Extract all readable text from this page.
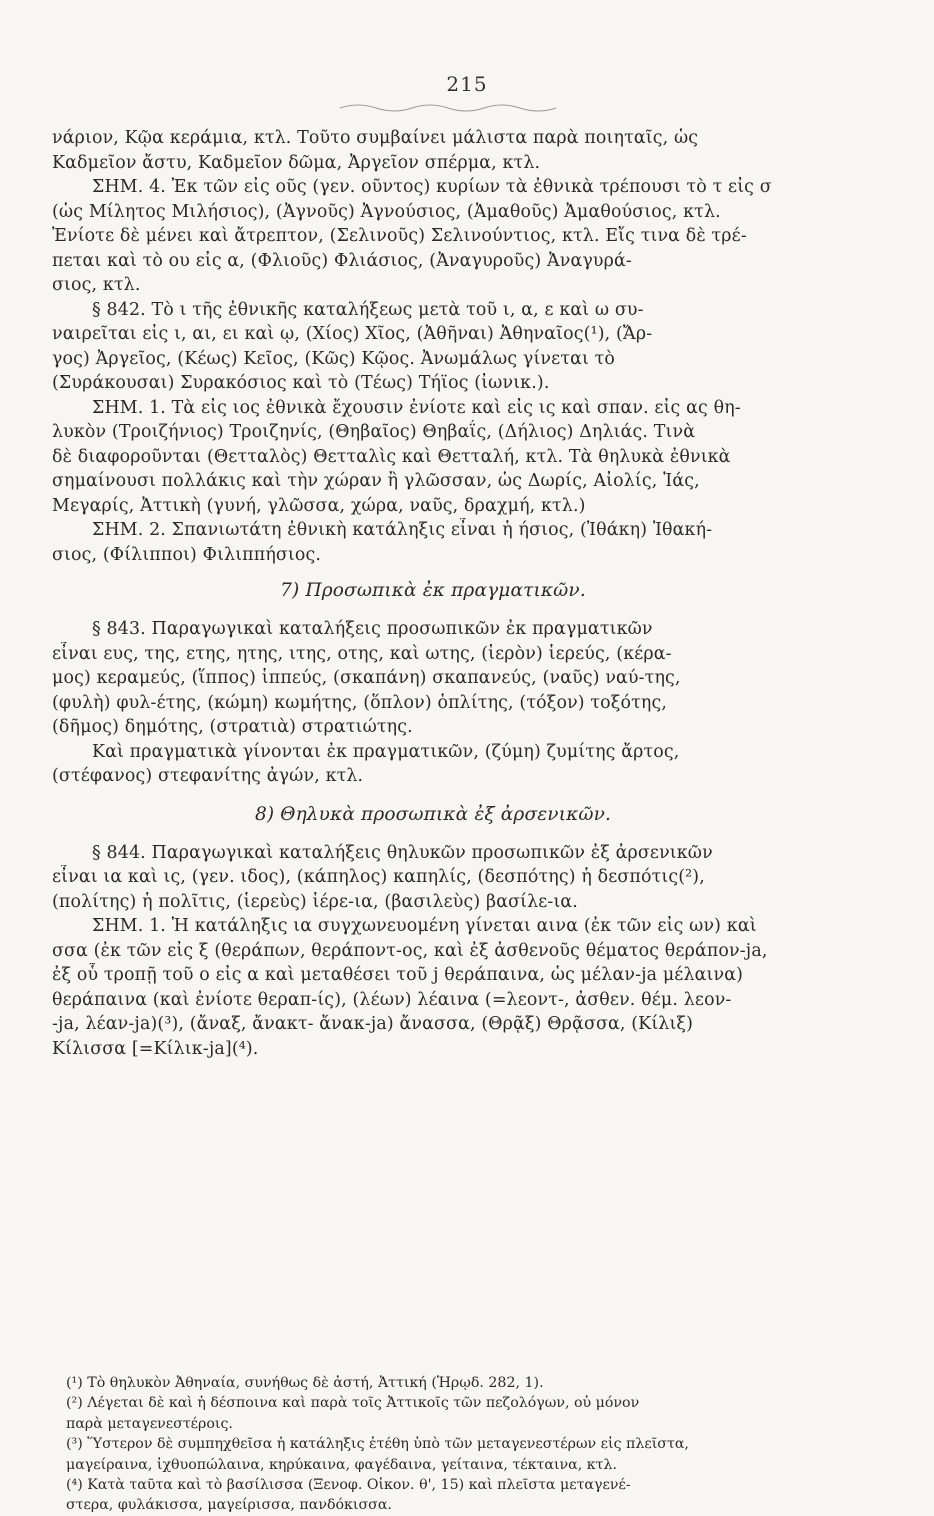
215
νάριον, Κῷα κεράμια, κτλ. Τοῦτο συμβαίνει μάλιστα παρὰ ποιηταῖς, ὡς
Καδμεῖον ἄστυ, Καδμεῖον δῶμα, Ἀργεῖον σπέρμα, κτλ.
ΣΗΜ. 4. Ἐκ τῶν εἰς οῦς (γεν. οῦντος) κυρίων τὰ ἐθνικὰ τρέπουσι τὸ τ εἰς σ
(ὡς Μίλητος Μιλήσιος), (Ἀγνοῦς) Ἀγνούσιος, (Ἀμαθοῦς) Ἀμαθούσιος, κτλ.
Ἐνίοτε δὲ μένει καὶ ἄτρεπτον, (Σελινοῦς) Σελινούντιος, κτλ. Εἴς τινα δὲ τρέ-
πεται καὶ τὸ ου εἰς α, (Φλιοῦς) Φλιάσιος, (Ἀναγυροῦς) Ἀναγυρά-
σιος, κτλ.
§ 842. Τὸ ι τῆς ἐθνικῆς καταλήξεως μετὰ τοῦ ι, α, ε καὶ ω συ-
ναιρεῖται εἰς ι, αι, ει καὶ ῳ, (Χίος) Χῖος, (Ἀθῆναι) Ἀθηναῖος(¹), (Ἄρ-
γος) Ἀργεῖος, (Κέως) Κεῖος, (Κῶς) Κῷος. Ἀνωμάλως γίνεται τὸ
(Συράκουσαι) Συρακόσιος καὶ τὸ (Τέως) Τήϊος (ἰωνικ.).
ΣΗΜ. 1. Τὰ εἰς ιος ἐθνικὰ ἔχουσιν ἐνίοτε καὶ εἰς ις καὶ σπαν. εἰς ας θη-
λυκὸν (Τροιζήνιος) Τροιζηνίς, (Θηβαῖος) Θηβαΐς, (Δήλιος) Δηλιάς. Τινὰ
δὲ διαφοροῦνται (Θετταλὸς) Θετταλὶς καὶ Θετταλή, κτλ. Τὰ θηλυκὰ ἐθνικὰ
σημαίνουσι πολλάκις καὶ τὴν χώραν ἢ γλῶσσαν, ὡς Δωρίς, Αἰολίς, Ἰάς,
Μεγαρίς, Ἀττικὴ (γυνή, γλῶσσα, χώρα, ναῦς, δραχμή, κτλ.)
ΣΗΜ. 2. Σπανιωτάτη ἐθνικὴ κατάληξις εἶναι ἡ ήσιος, (Ἰθάκη) Ἰθακή-
σιος, (Φίλιπποι) Φιλιππήσιος.
7) Προσωπικὰ ἐκ πραγματικῶν.
§ 843. Παραγωγικαὶ καταλήξεις προσωπικῶν ἐκ πραγματικῶν
εἶναι ευς, της, ετης, ητης, ιτης, οτης, καὶ ωτης, (ἱερὸν) ἱερεύς, (κέρα-
μος) κεραμεύς, (ἵππος) ἱππεύς, (σκαπάνη) σκαπανεύς, (ναῦς) ναύ-της,
(φυλὴ) φυλ-έτης, (κώμη) κωμήτης, (ὅπλον) ὁπλίτης, (τόξον) τοξότης,
(δῆμος) δημότης, (στρατιὰ) στρατιώτης.
Καὶ πραγματικὰ γίνονται ἐκ πραγματικῶν, (ζύμη) ζυμίτης ἄρτος,
(στέφανος) στεφανίτης ἀγών, κτλ.
8) Θηλυκὰ προσωπικὰ ἐξ ἀρσενικῶν.
§ 844. Παραγωγικαὶ καταλήξεις θηλυκῶν προσωπικῶν ἐξ ἀρσενικῶν
εἶναι ια καὶ ις, (γεν. ιδος), (κάπηλος) καπηλίς, (δεσπότης) ἡ δεσπότις(²),
(πολίτης) ἡ πολῖτις, (ἱερεὺς) ἱέρε-ια, (βασιλεὺς) βασίλε-ια.
ΣΗΜ. 1. Ἡ κατάληξις ια συγχωνευομένη γίνεται αινα (ἐκ τῶν εἰς ων) καὶ
σσα (ἐκ τῶν εἰς ξ (θεράπων, θεράποντ-ος, καὶ ἐξ ἀσθενοῦς θέματος θεράπον-ja,
ἐξ οὗ τροπῇ τοῦ ο εἰς α καὶ μεταθέσει τοῦ j θεράπαινα, ὡς μέλαν-ja μέλαινα)
θεράπαινα (καὶ ἐνίοτε θεραπ-ίς), (λέων) λέαινα (=λεοντ-, ἀσθεν. θέμ. λεον-
-ja, λέαν-ja)(³), (ἄναξ, ἄνακτ- ἄνακ-ja) ἄνασσα, (Θρᾷξ) Θρᾷσσα, (Κίλιξ)
Κίλισσα [=Κίλικ-ja](⁴).
(¹) Τὸ θηλυκὸν Ἀθηναία, συνήθως δὲ ἀστή, Ἀττική (Ἡρῳδ. 282, 1).
(²) Λέγεται δὲ καὶ ἡ δέσποινα καὶ παρὰ τοῖς Ἀττικοῖς τῶν πεζολόγων, οὐ μόνον
παρὰ μεταγενεστέροις.
(³) Ὕστερον δὲ συμπηχθεῖσα ἡ κατάληξις ἐτέθη ὑπὸ τῶν μεταγενεστέρων εἰς πλεῖστα,
μαγείραινα, ἰχθυοπώλαινα, κηρύκαινα, φαγέδαινα, γείταινα, τέκταινα, κτλ.
(⁴) Κατὰ ταῦτα καὶ τὸ βασίλισσα (Ξενοφ. Οἰκον. θ', 15) καὶ πλεῖστα μεταγενέ-
στερα, φυλάκισσα, μαγείρισσα, πανδόκισσα.
